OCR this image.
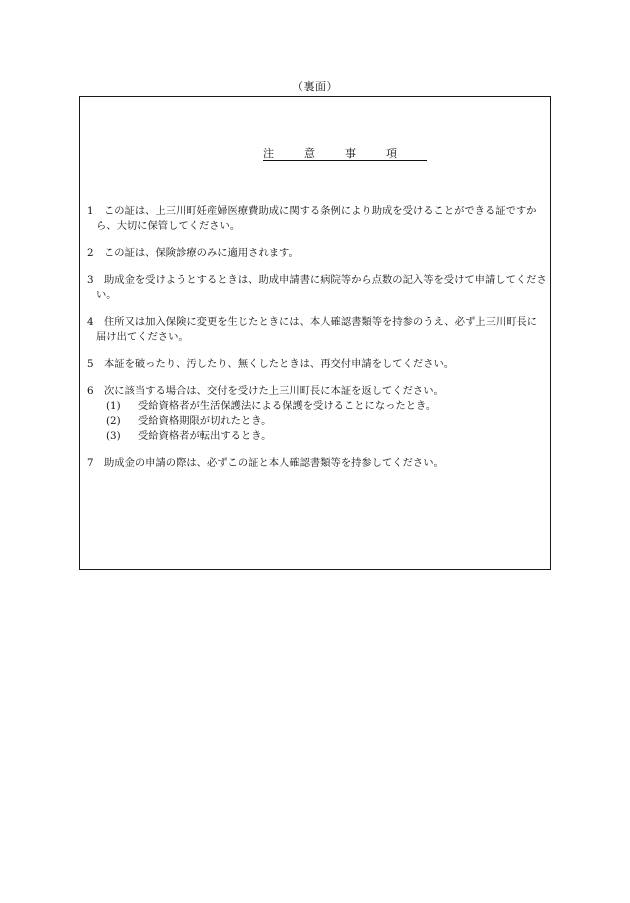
（裏面）
注意事項
1 この証は、上三川町妊産婦医療費助成に関する条例により助成を受けることができる証ですから、大切に保管してください。
2 この証は、保険診療のみに適用されます。
3 助成金を受けようとするときは、助成申請書に病院等から点数の記入等を受けて申請してください。
4 住所又は加入保険に変更を生じたときには、本人確認書類等を持参のうえ、必ず上三川町長に届け出てください。
5 本証を破ったり、汚したり、無くしたときは、再交付申請をしてください。
6 次に該当する場合は、交付を受けた上三川町長に本証を返してください。
(1) 受給資格者が生活保護法による保護を受けることになったとき。
(2) 受給資格期限が切れたとき。
(3) 受給資格者が転出するとき。
7 助成金の申請の際は、必ずこの証と本人確認書類等を持参してください。
